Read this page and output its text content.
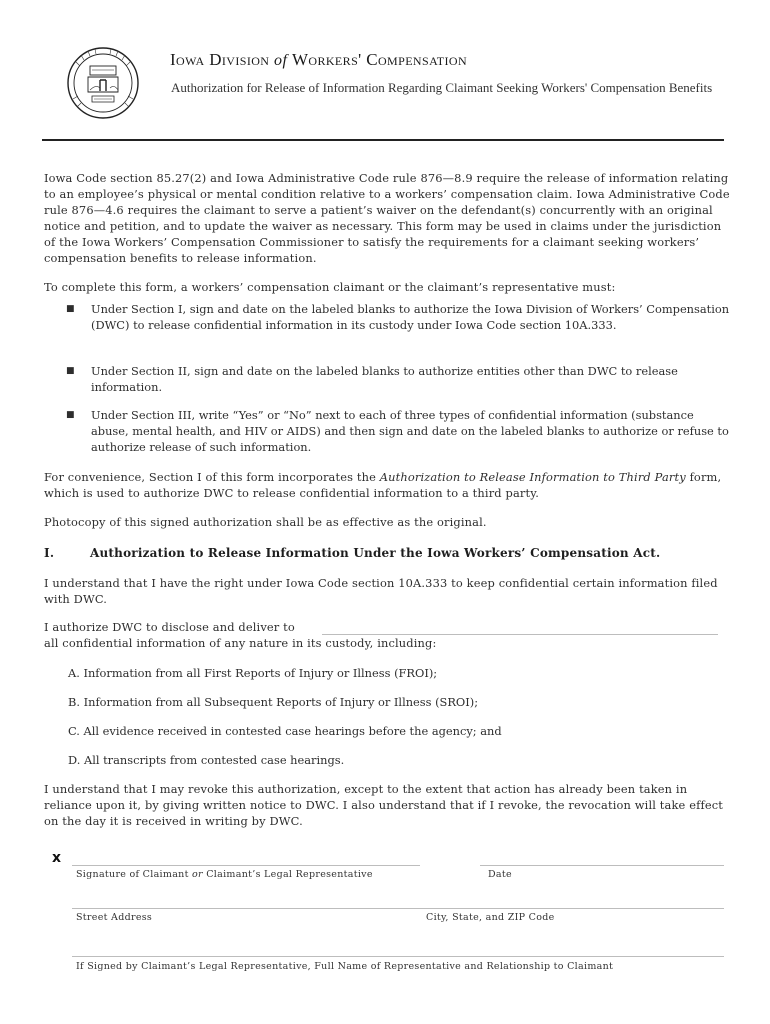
Iowa Division of Workers' Compensation
Authorization for Release of Information Regarding Claimant Seeking Workers' Compensation Benefits
Iowa Code section 85.27(2) and Iowa Administrative Code rule 876—8.9 require the release of information relating to an employee’s physical or mental condition relative to a workers’ compensation claim. Iowa Administrative Code rule 876—4.6 requires the claimant to serve a patient’s waiver on the defendant(s) concurrently with an original notice and petition, and to update the waiver as necessary. This form may be used in claims under the jurisdiction of the Iowa Workers’ Compensation Commissioner to satisfy the requirements for a claimant seeking workers’ compensation benefits to release information.
To complete this form, a workers’ compensation claimant or the claimant’s representative must:
■ Under Section I, sign and date on the labeled blanks to authorize the Iowa Division of Workers’ Compensation (DWC) to release confidential information in its custody under Iowa Code section 10A.333.
■ Under Section II, sign and date on the labeled blanks to authorize entities other than DWC to release information.
■ Under Section III, write “Yes” or “No” next to each of three types of confidential information (substance abuse, mental health, and HIV or AIDS) and then sign and date on the labeled blanks to authorize or refuse to authorize release of such information.
For convenience, Section I of this form incorporates the Authorization to Release Information to Third Party form, which is used to authorize DWC to release confidential information to a third party.
Photocopy of this signed authorization shall be as effective as the original.
I.	Authorization to Release Information Under the Iowa Workers’ Compensation Act.
I understand that I have the right under Iowa Code section 10A.333 to keep confidential certain information filed with DWC.
I authorize DWC to disclose and deliver to
all confidential information of any nature in its custody, including:
A. Information from all First Reports of Injury or Illness (FROI);
B. Information from all Subsequent Reports of Injury or Illness (SROI);
C. All evidence received in contested case hearings before the agency; and
D. All transcripts from contested case hearings.
I understand that I may revoke this authorization, except to the extent that action has already been taken in reliance upon it, by giving written notice to DWC. I also understand that if I revoke, the revocation will take effect on the day it is received in writing by DWC.
x
Signature of Claimant or Claimant’s Legal Representative	Date
Street Address	City, State, and ZIP Code
If Signed by Claimant’s Legal Representative, Full Name of Representative and Relationship to Claimant
